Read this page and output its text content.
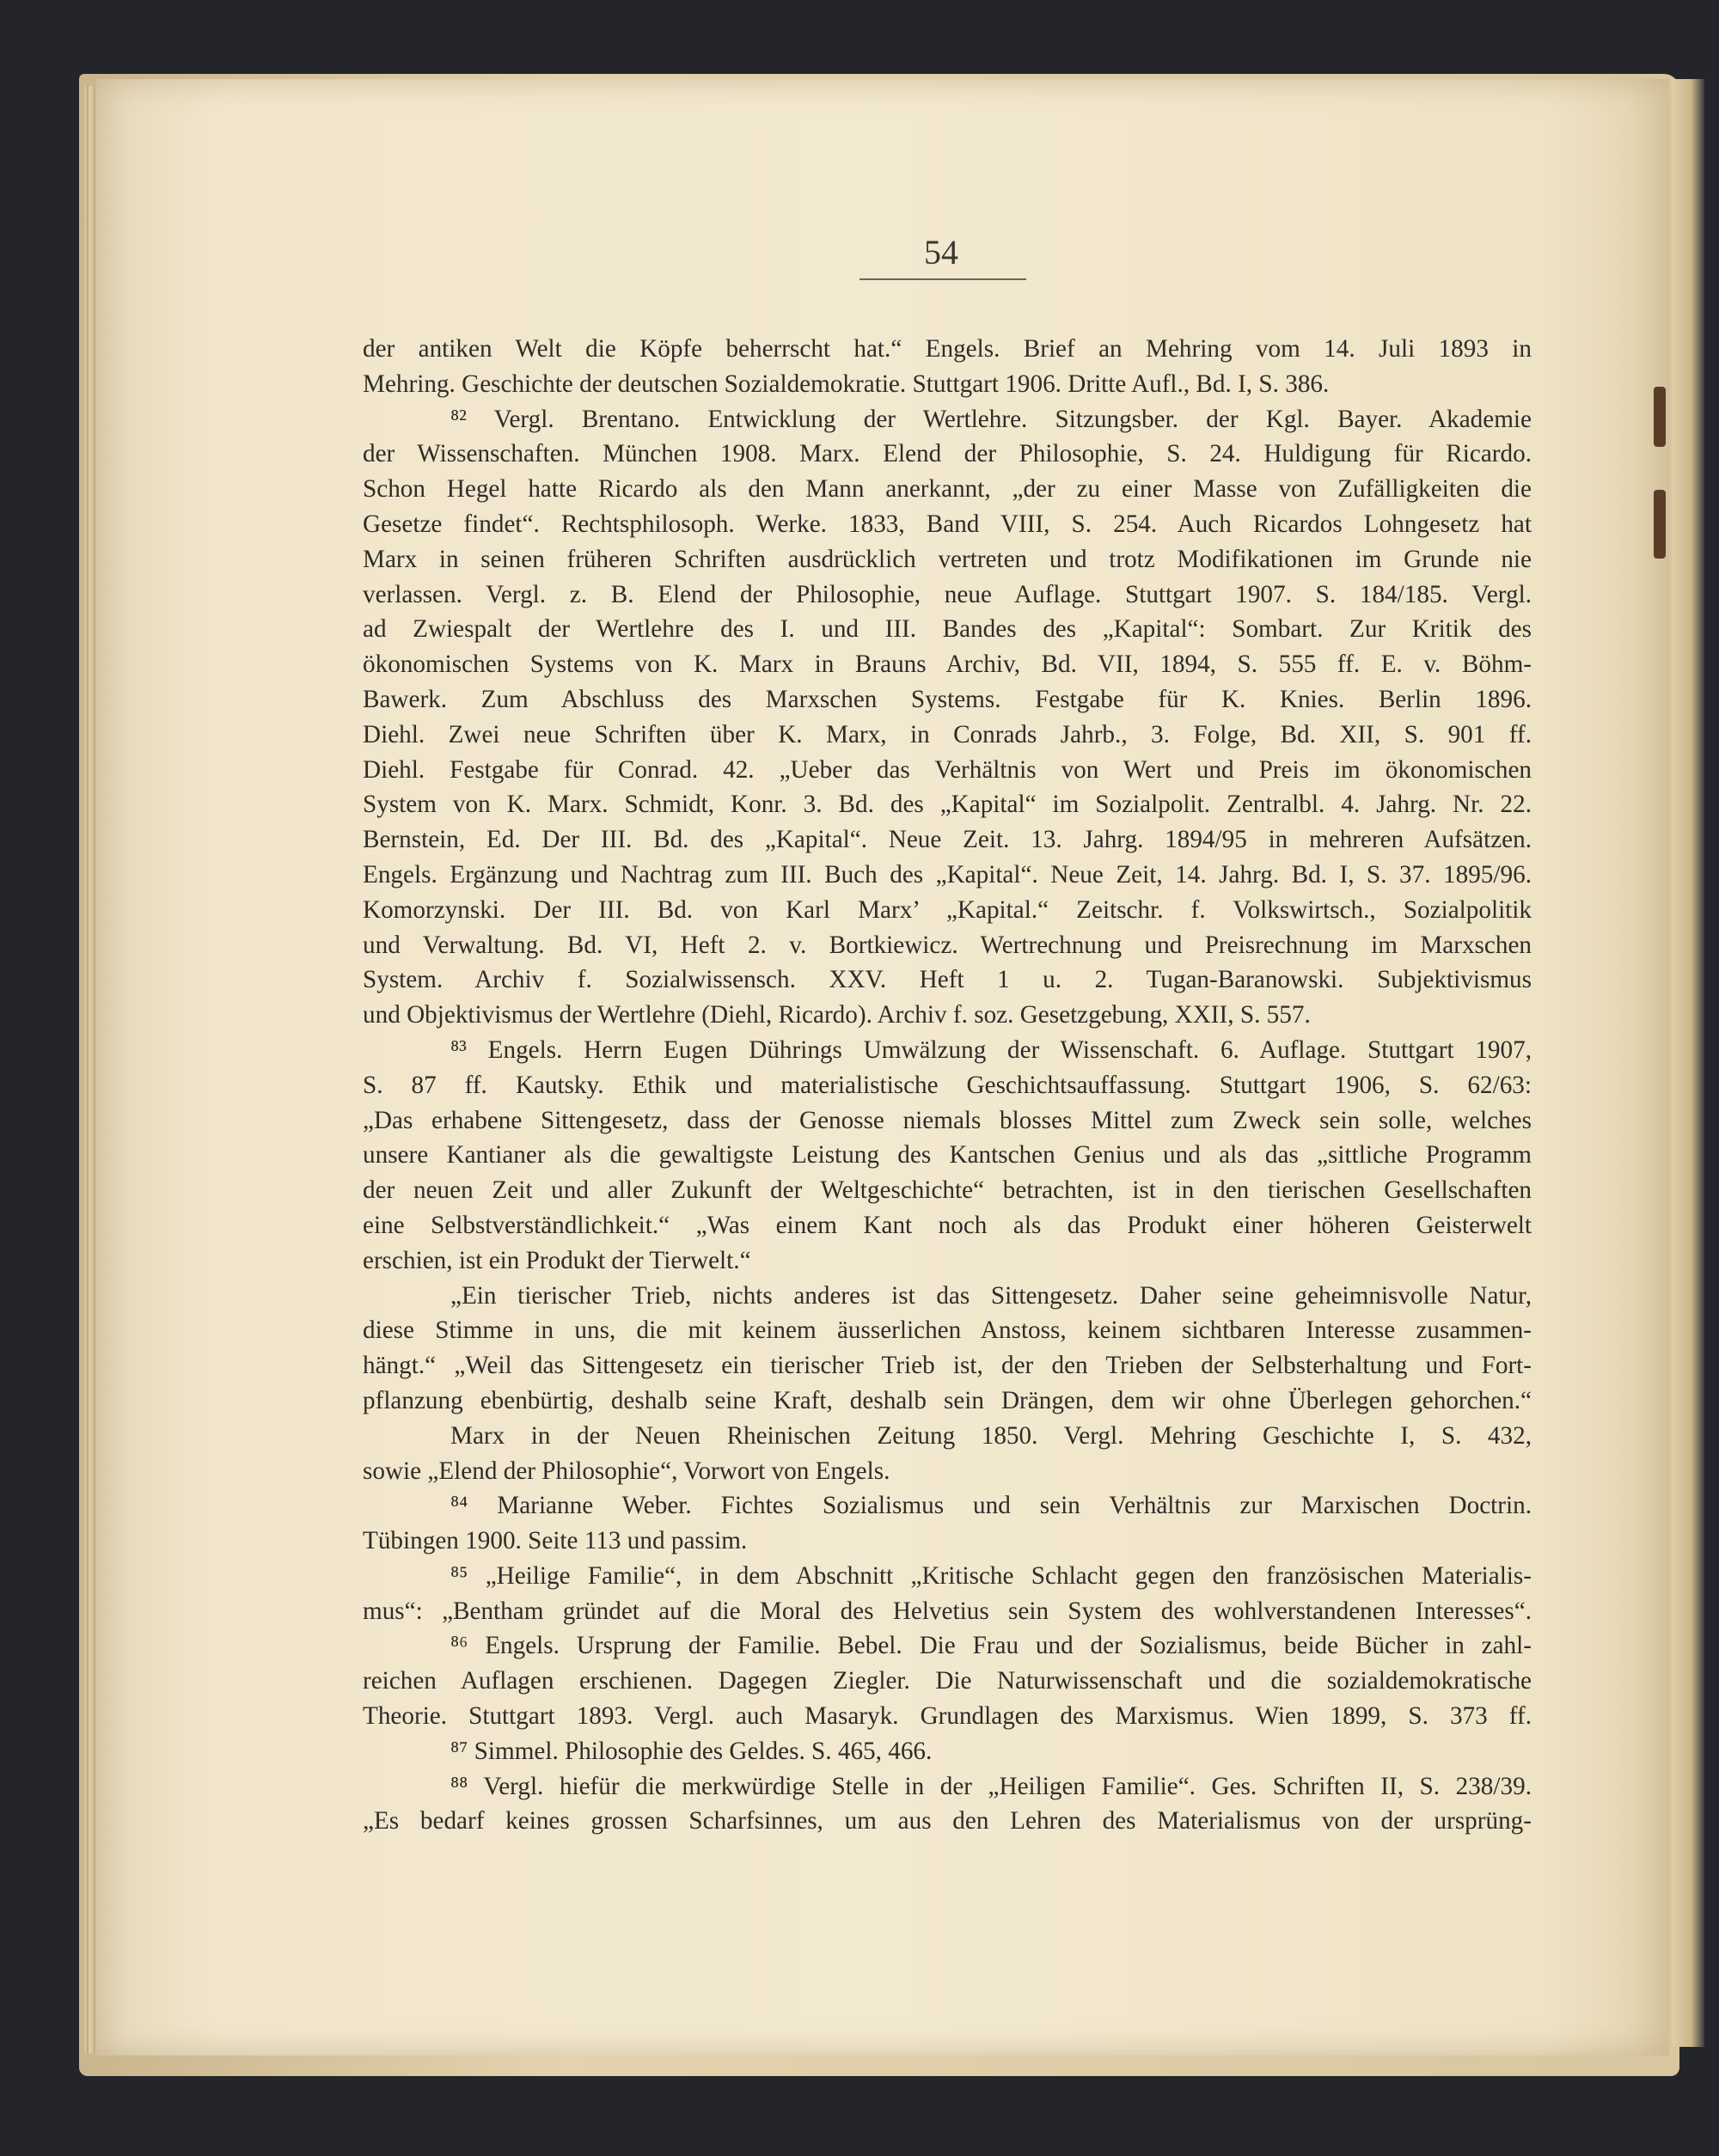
54
der antiken Welt die Köpfe beherrscht hat.“ Engels. Brief an Mehring vom 14. Juli 1893 in
Mehring. Geschichte der deutschen Sozialdemokratie. Stuttgart 1906. Dritte Aufl., Bd. I, S. 386.
⁸² Vergl. Brentano. Entwicklung der Wertlehre. Sitzungsber. der Kgl. Bayer. Akademie
der Wissenschaften. München 1908. Marx. Elend der Philosophie, S. 24. Huldigung für Ricardo.
Schon Hegel hatte Ricardo als den Mann anerkannt, „der zu einer Masse von Zufälligkeiten die
Gesetze findet“. Rechtsphilosoph. Werke. 1833, Band VIII, S. 254. Auch Ricardos Lohngesetz hat
Marx in seinen früheren Schriften ausdrücklich vertreten und trotz Modifikationen im Grunde nie
verlassen. Vergl. z. B. Elend der Philosophie, neue Auflage. Stuttgart 1907. S. 184/185. Vergl.
ad Zwiespalt der Wertlehre des I. und III. Bandes des „Kapital“: Sombart. Zur Kritik des
ökonomischen Systems von K. Marx in Brauns Archiv, Bd. VII, 1894, S. 555 ff. E. v. Böhm-
Bawerk. Zum Abschluss des Marxschen Systems. Festgabe für K. Knies. Berlin 1896.
Diehl. Zwei neue Schriften über K. Marx, in Conrads Jahrb., 3. Folge, Bd. XII, S. 901 ff.
Diehl. Festgabe für Conrad. 42. „Ueber das Verhältnis von Wert und Preis im ökonomischen
System von K. Marx. Schmidt, Konr. 3. Bd. des „Kapital“ im Sozialpolit. Zentralbl. 4. Jahrg. Nr. 22.
Bernstein, Ed. Der III. Bd. des „Kapital“. Neue Zeit. 13. Jahrg. 1894/95 in mehreren Aufsätzen.
Engels. Ergänzung und Nachtrag zum III. Buch des „Kapital“. Neue Zeit, 14. Jahrg. Bd. I, S. 37. 1895/96.
Komorzynski. Der III. Bd. von Karl Marx’ „Kapital.“ Zeitschr. f. Volkswirtsch., Sozialpolitik
und Verwaltung. Bd. VI, Heft 2. v. Bortkiewicz. Wertrechnung und Preisrechnung im Marxschen
System. Archiv f. Sozialwissensch. XXV. Heft 1 u. 2. Tugan-Baranowski. Subjektivismus
und Objektivismus der Wertlehre (Diehl, Ricardo). Archiv f. soz. Gesetzgebung, XXII, S. 557.
⁸³ Engels. Herrn Eugen Dührings Umwälzung der Wissenschaft. 6. Auflage. Stuttgart 1907,
S. 87 ff. Kautsky. Ethik und materialistische Geschichtsauffassung. Stuttgart 1906, S. 62/63:
„Das erhabene Sittengesetz, dass der Genosse niemals blosses Mittel zum Zweck sein solle, welches
unsere Kantianer als die gewaltigste Leistung des Kantschen Genius und als das „sittliche Programm
der neuen Zeit und aller Zukunft der Weltgeschichte“ betrachten, ist in den tierischen Gesellschaften
eine Selbstverständlichkeit.“ „Was einem Kant noch als das Produkt einer höheren Geisterwelt
erschien, ist ein Produkt der Tierwelt.“
„Ein tierischer Trieb, nichts anderes ist das Sittengesetz. Daher seine geheimnisvolle Natur,
diese Stimme in uns, die mit keinem äusserlichen Anstoss, keinem sichtbaren Interesse zusammen-
hängt.“ „Weil das Sittengesetz ein tierischer Trieb ist, der den Trieben der Selbsterhaltung und Fort-
pflanzung ebenbürtig, deshalb seine Kraft, deshalb sein Drängen, dem wir ohne Überlegen gehorchen.“
Marx in der Neuen Rheinischen Zeitung 1850. Vergl. Mehring Geschichte I, S. 432,
sowie „Elend der Philosophie“, Vorwort von Engels.
⁸⁴ Marianne Weber. Fichtes Sozialismus und sein Verhältnis zur Marxischen Doctrin.
Tübingen 1900. Seite 113 und passim.
⁸⁵ „Heilige Familie“, in dem Abschnitt „Kritische Schlacht gegen den französischen Materialis-
mus“: „Bentham gründet auf die Moral des Helvetius sein System des wohlverstandenen Interesses“.
⁸⁶ Engels. Ursprung der Familie. Bebel. Die Frau und der Sozialismus, beide Bücher in zahl-
reichen Auflagen erschienen. Dagegen Ziegler. Die Naturwissenschaft und die sozialdemokratische
Theorie. Stuttgart 1893. Vergl. auch Masaryk. Grundlagen des Marxismus. Wien 1899, S. 373 ff.
⁸⁷ Simmel. Philosophie des Geldes. S. 465, 466.
⁸⁸ Vergl. hiefür die merkwürdige Stelle in der „Heiligen Familie“. Ges. Schriften II, S. 238/39.
„Es bedarf keines grossen Scharfsinnes, um aus den Lehren des Materialismus von der ursprüng-
